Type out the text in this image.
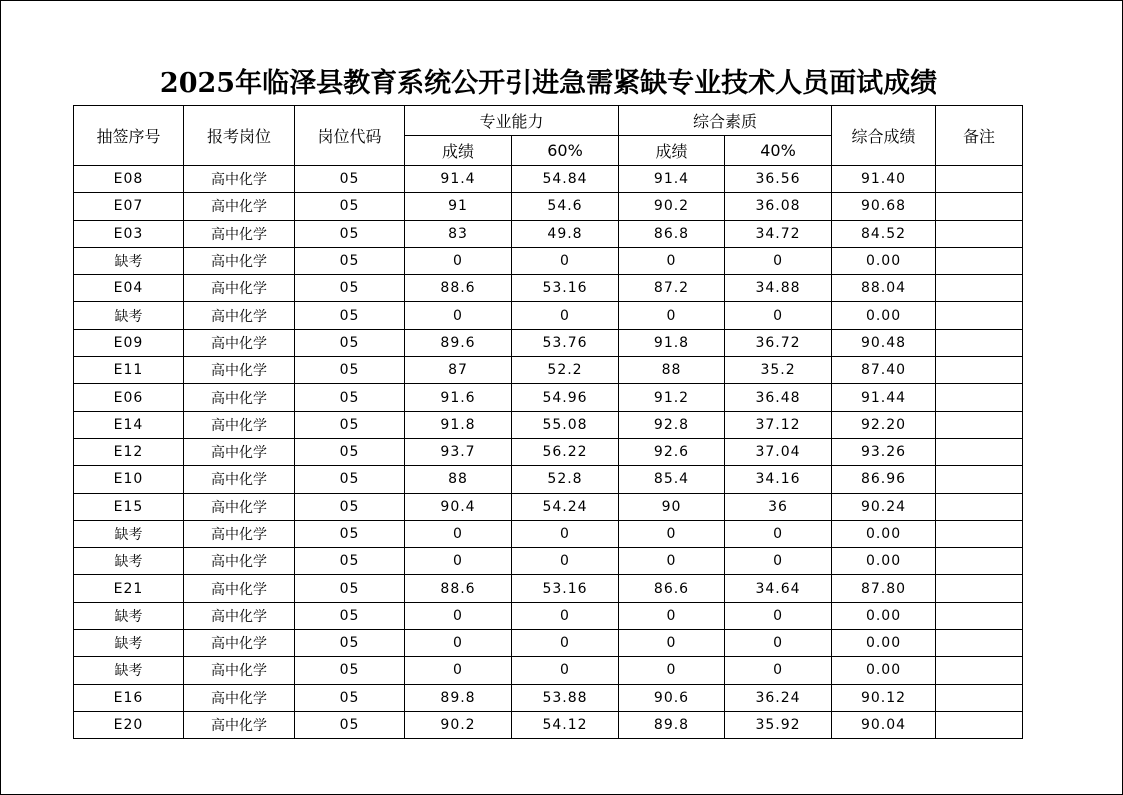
2025年临泽县教育系统公开引进急需紧缺专业技术人员面试成绩
抽签序号	报考岗位	岗位代码	专业能力		综合素质		综合成绩	备注
			成绩	60%	成绩	40%		
E08	高中化学	05	91.4	54.84	91.4	36.56	91.40	
E07	高中化学	05	91	54.6	90.2	36.08	90.68	
E03	高中化学	05	83	49.8	86.8	34.72	84.52	
缺考	高中化学	05	0	0	0	0	0.00	
E04	高中化学	05	88.6	53.16	87.2	34.88	88.04	
缺考	高中化学	05	0	0	0	0	0.00	
E09	高中化学	05	89.6	53.76	91.8	36.72	90.48	
E11	高中化学	05	87	52.2	88	35.2	87.40	
E06	高中化学	05	91.6	54.96	91.2	36.48	91.44	
E14	高中化学	05	91.8	55.08	92.8	37.12	92.20	
E12	高中化学	05	93.7	56.22	92.6	37.04	93.26	
E10	高中化学	05	88	52.8	85.4	34.16	86.96	
E15	高中化学	05	90.4	54.24	90	36	90.24	
缺考	高中化学	05	0	0	0	0	0.00	
缺考	高中化学	05	0	0	0	0	0.00	
E21	高中化学	05	88.6	53.16	86.6	34.64	87.80	
缺考	高中化学	05	0	0	0	0	0.00	
缺考	高中化学	05	0	0	0	0	0.00	
缺考	高中化学	05	0	0	0	0	0.00	
E16	高中化学	05	89.8	53.88	90.6	36.24	90.12	
E20	高中化学	05	90.2	54.12	89.8	35.92	90.04	
